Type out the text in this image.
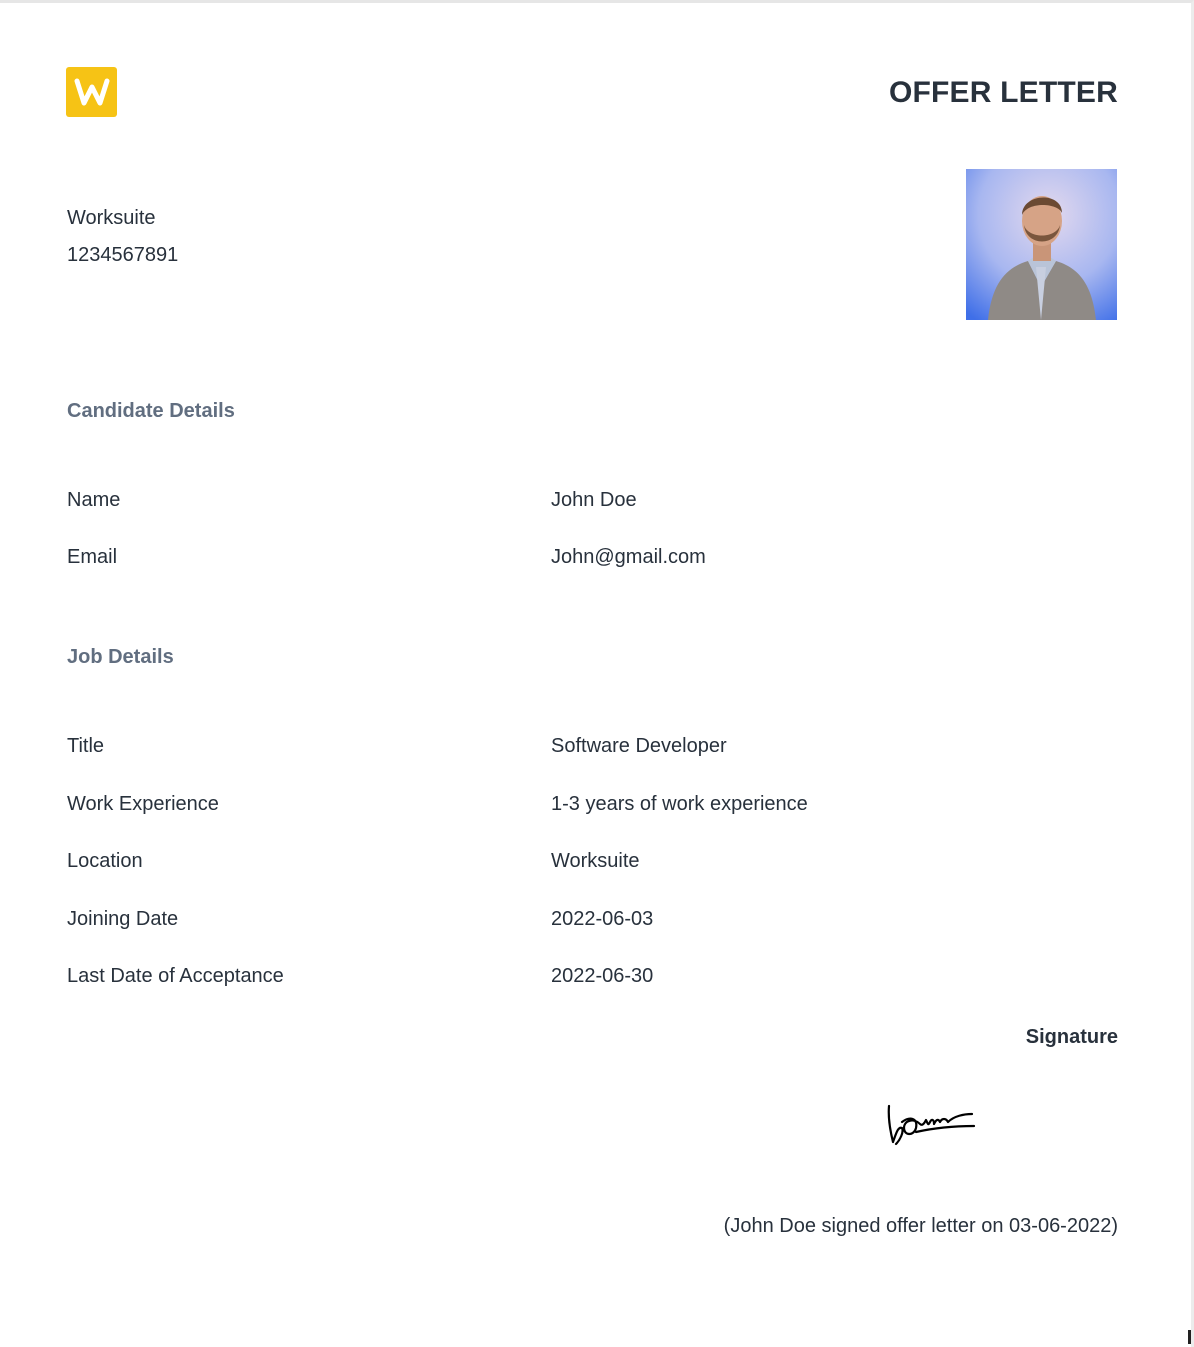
OFFER LETTER
Worksuite
1234567891
Candidate Details
Name	John Doe
Email	John@gmail.com
Job Details
Title	Software Developer
Work Experience	1-3 years of work experience
Location	Worksuite
Joining Date	2022-06-03
Last Date of Acceptance	2022-06-30
Signature
(John Doe signed offer letter on 03-06-2022)
